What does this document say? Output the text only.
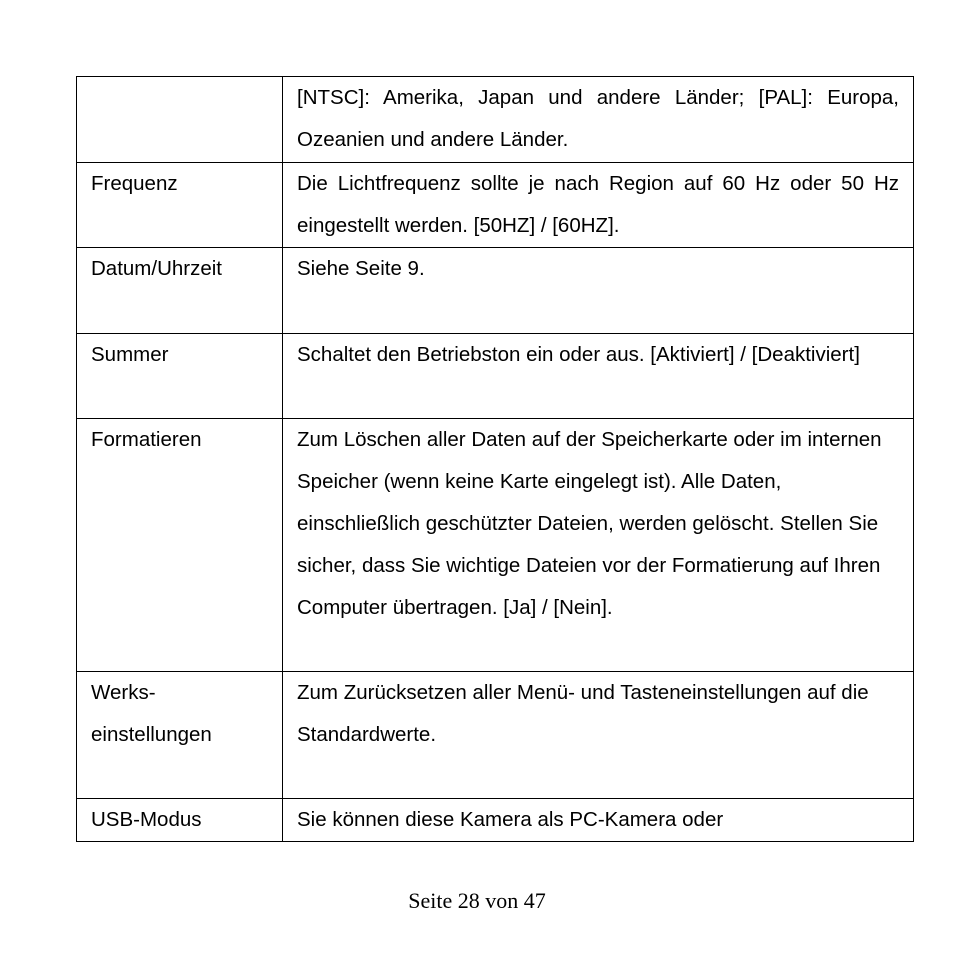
	[NTSC]: Amerika, Japan und andere Länder; [PAL]: Europa, Ozeanien und andere Länder.

Frequenz	Die Lichtfrequenz sollte je nach Region auf 60 Hz oder 50 Hz eingestellt werden. [50HZ] / [60HZ].

Datum/Uhrzeit	Siehe Seite 9.

Summer	Schaltet den Betriebston ein oder aus. [Aktiviert] / [Deaktiviert]

Formatieren	Zum Löschen aller Daten auf der Speicherkarte oder im internen Speicher (wenn keine Karte eingelegt ist). Alle Daten, einschließlich geschützter Dateien, werden gelöscht. Stellen Sie sicher, dass Sie wichtige Dateien vor der Formatierung auf Ihren Computer übertragen. [Ja] / [Nein].

Werks-einstellungen	Zum Zurücksetzen aller Menü- und Tasteneinstellungen auf die Standardwerte.

USB-Modus	Sie können diese Kamera als PC-Kamera oder
Seite 28 von 47
